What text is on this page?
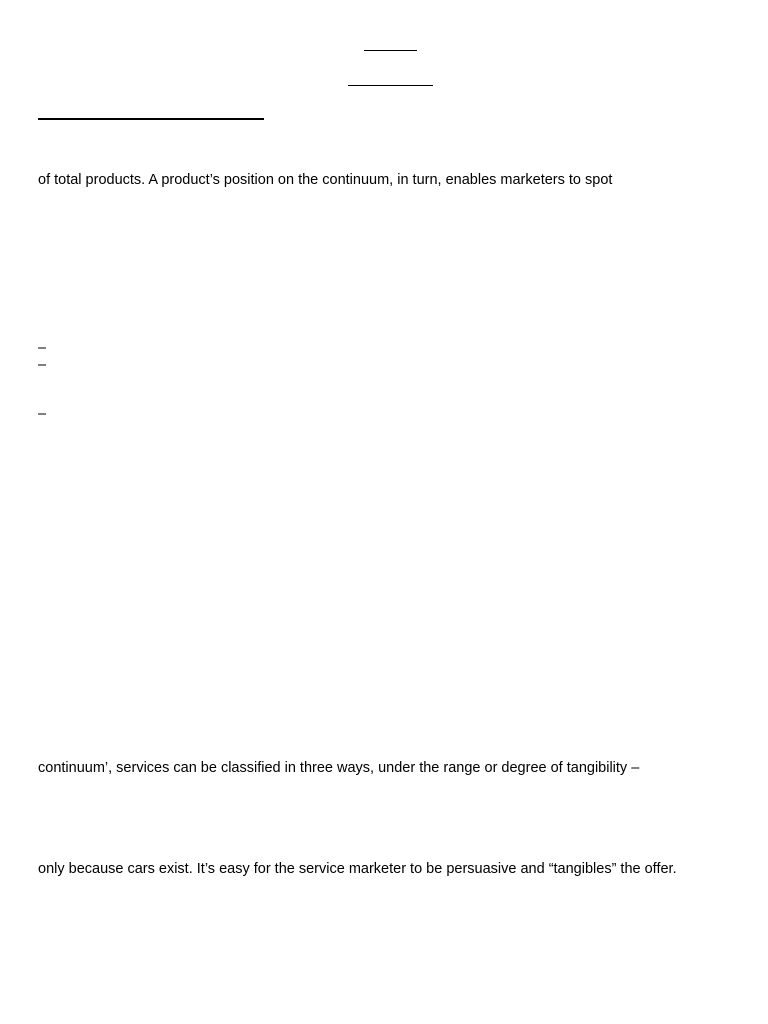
of total products. A product’s position on the continuum, in turn, enables marketers to spot
–
–
–
continuum’, services can be classified in three ways, under the range or degree of tangibility –
only because cars exist. It’s easy for the service marketer to be persuasive and “tangibles” the offer.
